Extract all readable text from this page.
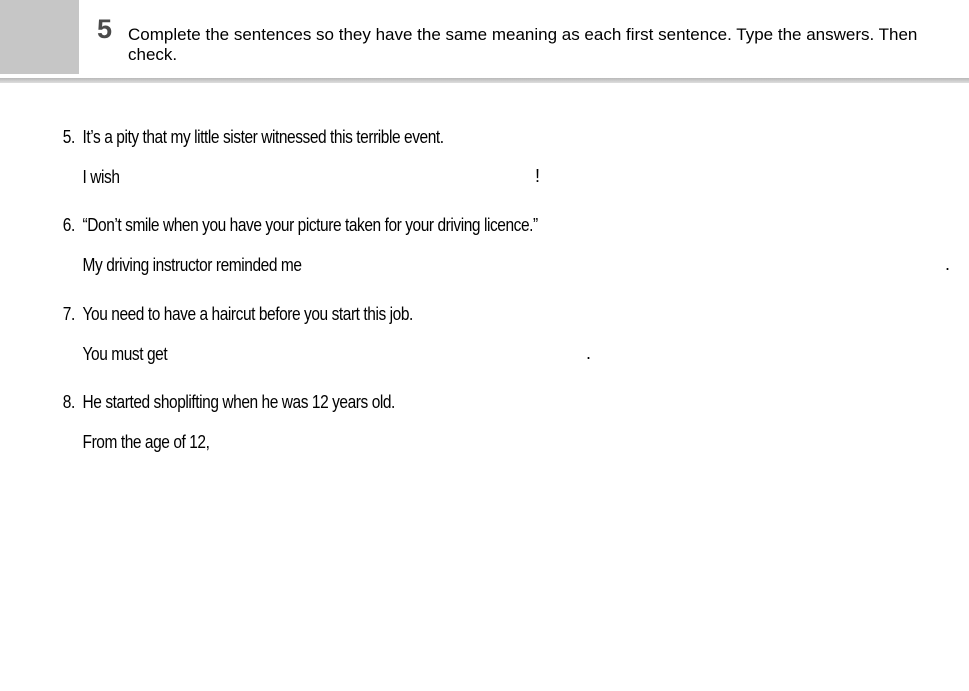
5 Complete the sentences so they have the same meaning as each first sentence. Type the answers. Then check.
5. It’s a pity that my little sister witnessed this terrible event.
I wish	!
6. “Don’t smile when you have your picture taken for your driving licence.”
My driving instructor reminded me	.
7. You need to have a haircut before you start this job.
You must get	.
8. He started shoplifting when he was 12 years old.
From the age of 12,
